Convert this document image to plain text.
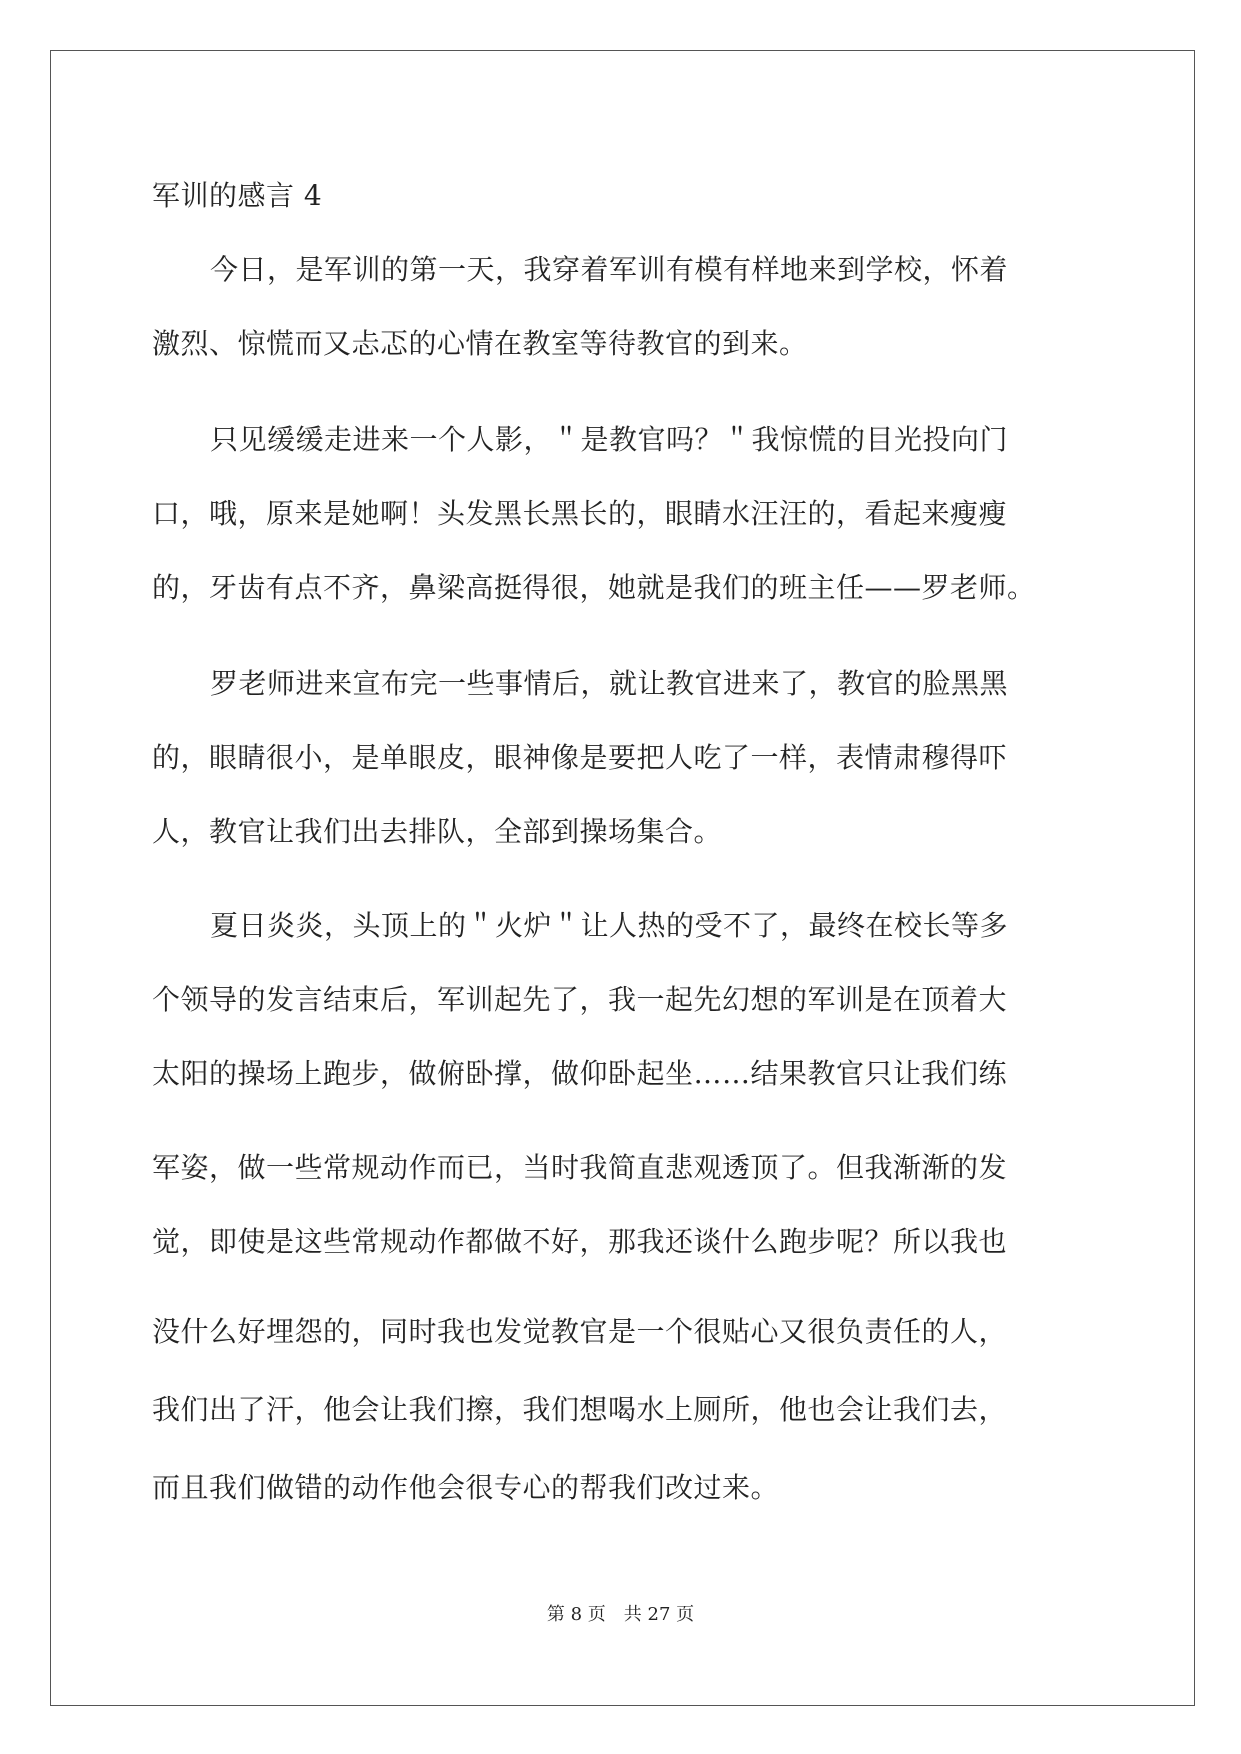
军训的感言 4
今日，是军训的第一天，我穿着军训有模有样地来到学校，怀着
激烈、惊慌而又忐忑的心情在教室等待教官的到来。
只见缓缓走进来一个人影，＂是教官吗？＂我惊慌的目光投向门
口，哦，原来是她啊！头发黑长黑长的，眼睛水汪汪的，看起来瘦瘦
的，牙齿有点不齐，鼻梁高挺得很，她就是我们的班主任——罗老师。
罗老师进来宣布完一些事情后，就让教官进来了，教官的脸黑黑
的，眼睛很小，是单眼皮，眼神像是要把人吃了一样，表情肃穆得吓
人，教官让我们出去排队，全部到操场集合。
夏日炎炎，头顶上的＂火炉＂让人热的受不了，最终在校长等多
个领导的发言结束后，军训起先了，我一起先幻想的军训是在顶着大
太阳的操场上跑步，做俯卧撑，做仰卧起坐……结果教官只让我们练
军姿，做一些常规动作而已，当时我简直悲观透顶了。但我渐渐的发
觉，即使是这些常规动作都做不好，那我还谈什么跑步呢？所以我也
没什么好埋怨的，同时我也发觉教官是一个很贴心又很负责任的人，
我们出了汗，他会让我们擦，我们想喝水上厕所，他也会让我们去，
而且我们做错的动作他会很专心的帮我们改过来。
第 8 页　共 27 页
